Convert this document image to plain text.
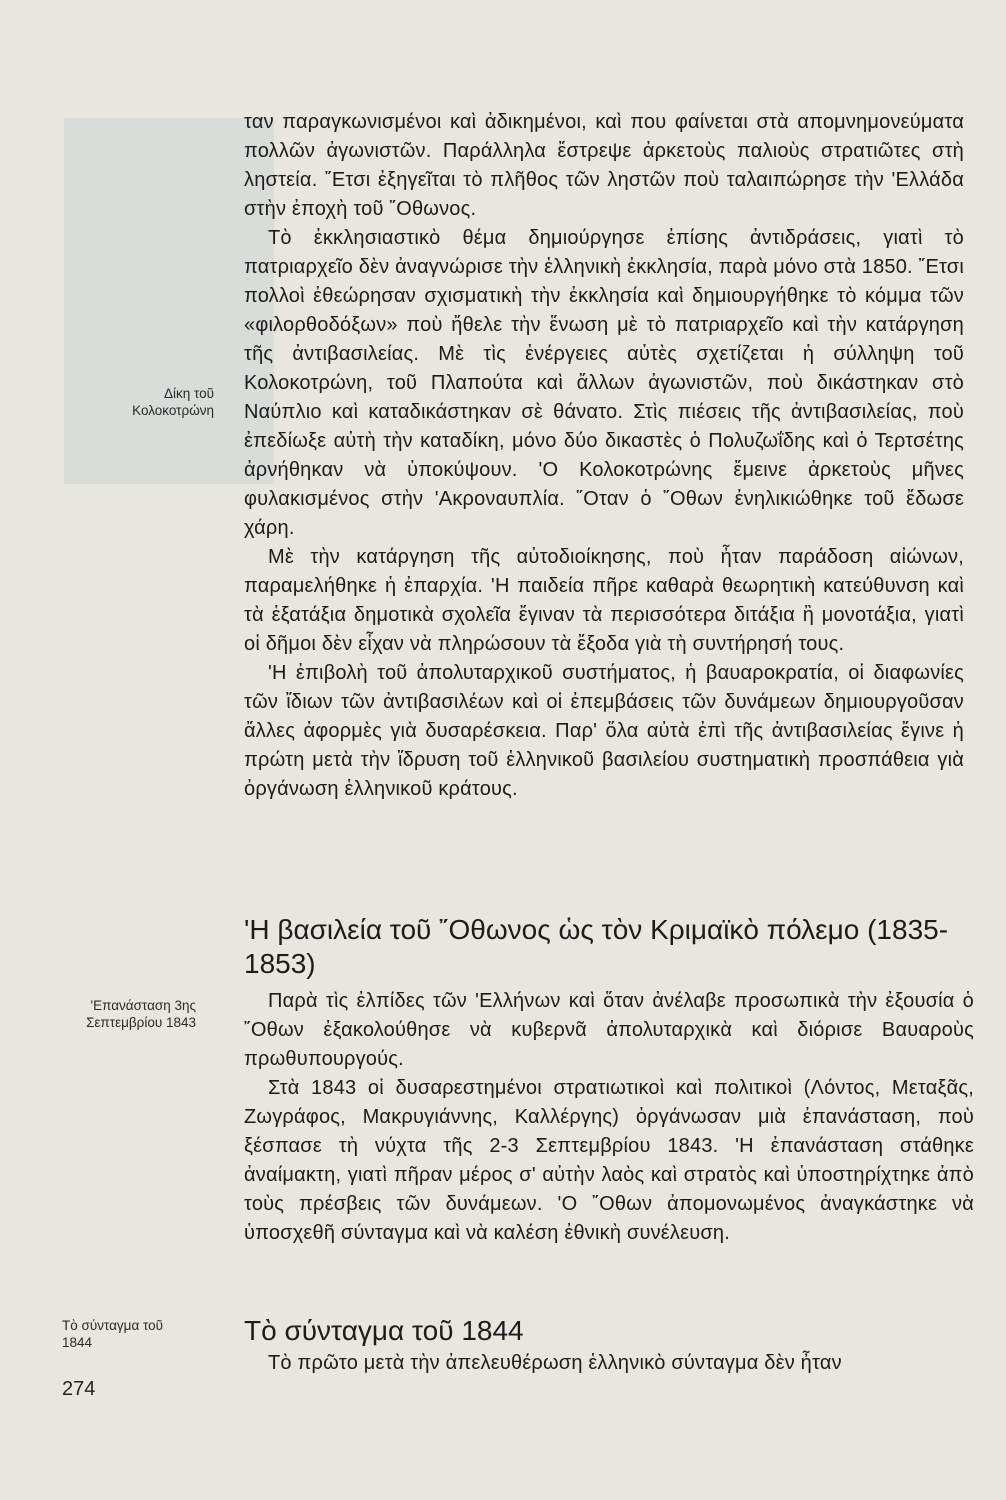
Δίκη τοῦ
Κολοκοτρώνη

ταν παραγκωνισμένοι καὶ ἀδικημένοι, καὶ που φαίνεται στὰ απομνημονεύματα πολλῶν ἀγωνιστῶν. Παράλληλα ἔστρεψε ἀρκετοὺς παλιοὺς στρατιῶτες στὴ ληστεία. ῎Ετσι ἐξηγεῖται τὸ πλῆθος τῶν ληστῶν ποὺ ταλαιπώρησε τὴν 'Ελλάδα στὴν ἐποχὴ τοῦ ῎Οθωνος.

Τὸ ἐκκλησιαστικὸ θέμα δημιούργησε ἐπίσης ἀντιδράσεις, γιατὶ τὸ πατριαρχεῖο δὲν ἀναγνώρισε τὴν ἑλληνικὴ ἐκκλησία, παρὰ μόνο στὰ 1850. ῎Ετσι πολλοὶ ἐθεώρησαν σχισματικὴ τὴν ἐκκλησία καὶ δημιουργήθηκε τὸ κόμμα τῶν «φιλορθοδόξων» ποὺ ἤθελε τὴν ἕνωση μὲ τὸ πατριαρχεῖο καὶ τὴν κατάργηση τῆς ἀντιβασιλείας. Μὲ τὶς ἐνέργειες αὐτὲς σχετίζεται ἡ σύλληψη τοῦ Κολοκοτρώνη, τοῦ Πλαπούτα καὶ ἄλλων ἀγωνιστῶν, ποὺ δικάστηκαν στὸ Ναύπλιο καὶ καταδικάστηκαν σὲ θάνατο. Στὶς πιέσεις τῆς ἀντιβασιλείας, ποὺ ἐπεδίωξε αὐτὴ τὴν καταδίκη, μόνο δύο δικαστὲς ὁ Πολυζωΐδης καὶ ὁ Τερτσέτης ἀρνήθηκαν νὰ ὑποκύψουν. 'Ο Κολοκοτρώνης ἔμεινε ἀρκετοὺς μῆνες φυλακισμένος στὴν 'Ακροναυπλία. ῞Οταν ὁ ῎Οθων ἐνηλικιώθηκε τοῦ ἔδωσε χάρη.

Μὲ τὴν κατάργηση τῆς αὐτοδιοίκησης, ποὺ ἦταν παράδοση αἰώνων, παραμελήθηκε ἡ ἐπαρχία. 'Η παιδεία πῆρε καθαρὰ θεωρητικὴ κατεύθυνση καὶ τὰ ἑξατάξια δημοτικὰ σχολεῖα ἔγιναν τὰ περισσότερα διτάξια ἢ μονοτάξια, γιατὶ οἱ δῆμοι δὲν εἶχαν νὰ πληρώσουν τὰ ἔξοδα γιὰ τὴ συντήρησή τους.

'Η ἐπιβολὴ τοῦ ἀπολυταρχικοῦ συστήματος, ἡ βαυαροκρατία, οἱ διαφωνίες τῶν ἴδιων τῶν ἀντιβασιλέων καὶ οἱ ἐπεμβάσεις τῶν δυνάμεων δημιουργοῦσαν ἄλλες ἀφορμὲς γιὰ δυσαρέσκεια. Παρ' ὅλα αὐτὰ ἐπὶ τῆς ἀντιβασιλείας ἔγινε ἡ πρώτη μετὰ τὴν ἵδρυση τοῦ ἑλληνικοῦ βασιλείου συστηματικὴ προσπάθεια γιὰ ὀργάνωση ἑλληνικοῦ κράτους.

'Η βασιλεία τοῦ ῎Οθωνος ὡς τὸν Κριμαϊκὸ πόλεμο (1835-1853)
'Επανάσταση 3ης
Σεπτεμβρίου 1843

Παρὰ τὶς ἐλπίδες τῶν 'Ελλήνων καὶ ὅταν ἀνέλαβε προσωπικὰ τὴν ἐξουσία ὁ ῎Οθων ἐξακολούθησε νὰ κυβερνᾶ ἀπολυταρχικὰ καὶ διόρισε Βαυαροὺς πρωθυπουργούς.

Στὰ 1843 οἱ δυσαρεστημένοι στρατιωτικοὶ καὶ πολιτικοὶ (Λόντος, Μεταξᾶς, Ζωγράφος, Μακρυγιάννης, Καλλέργης) ὀργάνωσαν μιὰ ἐπανάσταση, ποὺ ξέσπασε τὴ νύχτα τῆς 2-3 Σεπτεμβρίου 1843. 'Η ἐπανάσταση στάθηκε ἀναίμακτη, γιατὶ πῆραν μέρος σ' αὐτὴν λαὸς καὶ στρατὸς καὶ ὑποστηρίχτηκε ἀπὸ τοὺς πρέσβεις τῶν δυνάμεων. 'Ο ῎Οθων ἀπομονωμένος ἀναγκάστηκε νὰ ὑποσχεθῆ σύνταγμα καὶ νὰ καλέση ἐθνικὴ συνέλευση.

Τὸ σύνταγμα τοῦ
1844	Τὸ σύνταγμα τοῦ 1844

Τὸ πρῶτο μετὰ τὴν ἀπελευθέρωση ἑλληνικὸ σύνταγμα δὲν ἦταν

274
